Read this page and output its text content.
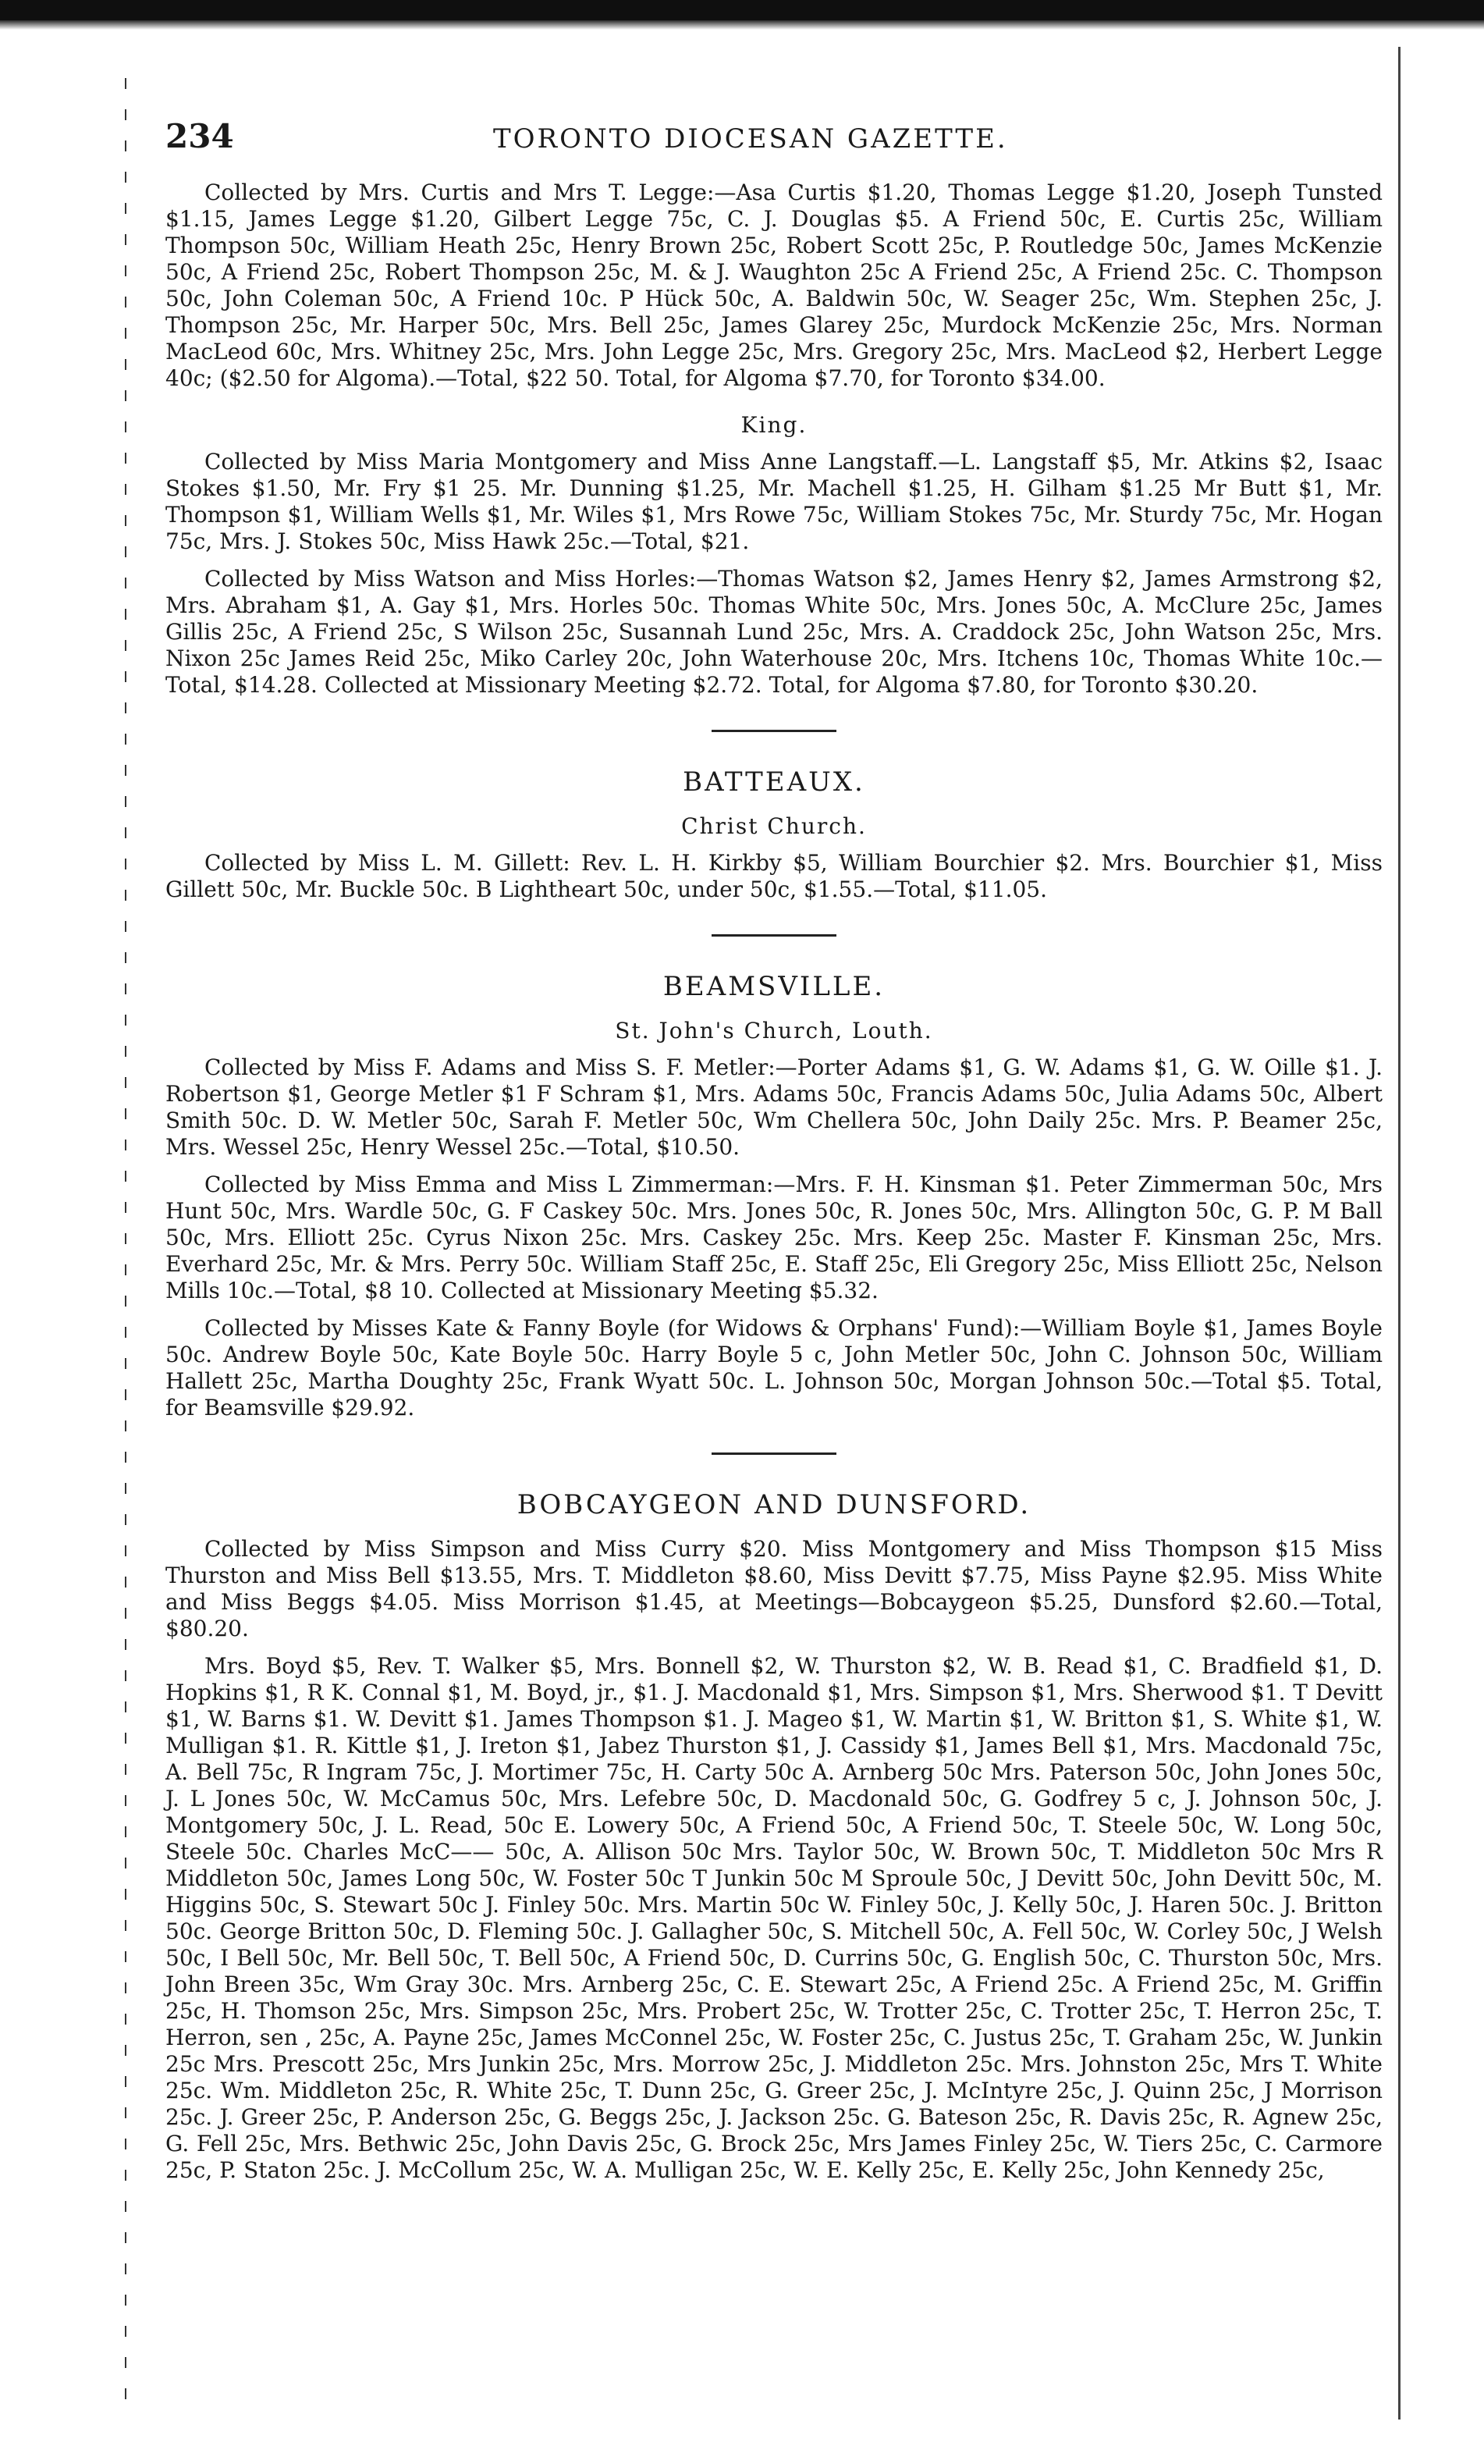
234	TORONTO DIOCESAN GAZETTE.

Collected by Mrs. Curtis and Mrs T. Legge:—Asa Curtis $1.20, Thomas Legge $1.20, Joseph Tunsted $1.15, James Legge $1.20, Gilbert Legge 75c, C. J. Douglas $5. A Friend 50c, E. Curtis 25c, William Thompson 50c, William Heath 25c, Henry Brown 25c, Robert Scott 25c, P. Routledge 50c, James McKenzie 50c, A Friend 25c, Robert Thompson 25c, M. & J. Waughton 25c A Friend 25c, A Friend 25c. C. Thompson 50c, John Coleman 50c, A Friend 10c. P Hück 50c, A. Baldwin 50c, W. Seager 25c, Wm. Stephen 25c, J. Thompson 25c, Mr. Harper 50c, Mrs. Bell 25c, James Glarey 25c, Murdock McKenzie 25c, Mrs. Norman MacLeod 60c, Mrs. Whitney 25c, Mrs. John Legge 25c, Mrs. Gregory 25c, Mrs. MacLeod $2, Herbert Legge 40c; ($2.50 for Algoma).—Total, $22 50. Total, for Algoma $7.70, for Toronto $34.00.

King.

Collected by Miss Maria Montgomery and Miss Anne Langstaff.—L. Langstaff $5, Mr. Atkins $2, Isaac Stokes $1.50, Mr. Fry $1 25. Mr. Dunning $1.25, Mr. Machell $1.25, H. Gilham $1.25 Mr Butt $1, Mr. Thompson $1, William Wells $1, Mr. Wiles $1, Mrs Rowe 75c, William Stokes 75c, Mr. Sturdy 75c, Mr. Hogan 75c, Mrs. J. Stokes 50c, Miss Hawk 25c.—Total, $21.

Collected by Miss Watson and Miss Horles:—Thomas Watson $2, James Henry $2, James Armstrong $2, Mrs. Abraham $1, A. Gay $1, Mrs. Horles 50c. Thomas White 50c, Mrs. Jones 50c, A. McClure 25c, James Gillis 25c, A Friend 25c, S Wilson 25c, Susannah Lund 25c, Mrs. A. Craddock 25c, John Watson 25c, Mrs. Nixon 25c James Reid 25c, Miko Carley 20c, John Waterhouse 20c, Mrs. Itchens 10c, Thomas White 10c.—Total, $14.28. Collected at Missionary Meeting $2.72. Total, for Algoma $7.80, for Toronto $30.20.

BATTEAUX.
Christ Church.

Collected by Miss L. M. Gillett: Rev. L. H. Kirkby $5, William Bourchier $2. Mrs. Bourchier $1, Miss Gillett 50c, Mr. Buckle 50c. B Lightheart 50c, under 50c, $1.55.—Total, $11.05.

BEAMSVILLE.
St. John's Church, Louth.

Collected by Miss F. Adams and Miss S. F. Metler:—Porter Adams $1, G. W. Adams $1, G. W. Oille $1. J. Robertson $1, George Metler $1 F Schram $1, Mrs. Adams 50c, Francis Adams 50c, Julia Adams 50c, Albert Smith 50c. D. W. Metler 50c, Sarah F. Metler 50c, Wm Chellera 50c, John Daily 25c. Mrs. P. Beamer 25c, Mrs. Wessel 25c, Henry Wessel 25c.—Total, $10.50.

Collected by Miss Emma and Miss L Zimmerman:—Mrs. F. H. Kinsman $1. Peter Zimmerman 50c, Mrs Hunt 50c, Mrs. Wardle 50c, G. F Caskey 50c. Mrs. Jones 50c, R. Jones 50c, Mrs. Allington 50c, G. P. M Ball 50c, Mrs. Elliott 25c. Cyrus Nixon 25c. Mrs. Caskey 25c. Mrs. Keep 25c. Master F. Kinsman 25c, Mrs. Everhard 25c, Mr. & Mrs. Perry 50c. William Staff 25c, E. Staff 25c, Eli Gregory 25c, Miss Elliott 25c, Nelson Mills 10c.—Total, $8 10. Collected at Missionary Meeting $5.32.

Collected by Misses Kate & Fanny Boyle (for Widows & Orphans' Fund):—William Boyle $1, James Boyle 50c. Andrew Boyle 50c, Kate Boyle 50c. Harry Boyle 5 c, John Metler 50c, John C. Johnson 50c, William Hallett 25c, Martha Doughty 25c, Frank Wyatt 50c. L. Johnson 50c, Morgan Johnson 50c.—Total $5. Total, for Beamsville $29.92.

BOBCAYGEON AND DUNSFORD.

Collected by Miss Simpson and Miss Curry $20. Miss Montgomery and Miss Thompson $15 Miss Thurston and Miss Bell $13.55, Mrs. T. Middleton $8.60, Miss Devitt $7.75, Miss Payne $2.95. Miss White and Miss Beggs $4.05. Miss Morrison $1.45, at Meetings—Bobcaygeon $5.25, Dunsford $2.60.—Total, $80.20.

Mrs. Boyd $5, Rev. T. Walker $5, Mrs. Bonnell $2, W. Thurston $2, W. B. Read $1, C. Bradfield $1, D. Hopkins $1, R K. Connal $1, M. Boyd, jr., $1. J. Macdonald $1, Mrs. Simpson $1, Mrs. Sherwood $1. T Devitt $1, W. Barns $1. W. Devitt $1. James Thompson $1. J. Mageo $1, W. Martin $1, W. Britton $1, S. White $1, W. Mulligan $1. R. Kittle $1, J. Ireton $1, Jabez Thurston $1, J. Cassidy $1, James Bell $1, Mrs. Macdonald 75c, A. Bell 75c, R Ingram 75c, J. Mortimer 75c, H. Carty 50c A. Arnberg 50c Mrs. Paterson 50c, John Jones 50c, J. L Jones 50c, W. McCamus 50c, Mrs. Lefebre 50c, D. Macdonald 50c, G. Godfrey 5 c, J. Johnson 50c, J. Montgomery 50c, J. L. Read, 50c E. Lowery 50c, A Friend 50c, A Friend 50c, T. Steele 50c, W. Long 50c, Steele 50c. Charles McC—— 50c, A. Allison 50c Mrs. Taylor 50c, W. Brown 50c, T. Middleton 50c Mrs R Middleton 50c, James Long 50c, W. Foster 50c T Junkin 50c M Sproule 50c, J Devitt 50c, John Devitt 50c, M. Higgins 50c, S. Stewart 50c J. Finley 50c. Mrs. Martin 50c W. Finley 50c, J. Kelly 50c, J. Haren 50c. J. Britton 50c. George Britton 50c, D. Fleming 50c. J. Gallagher 50c, S. Mitchell 50c, A. Fell 50c, W. Corley 50c, J Welsh 50c, I Bell 50c, Mr. Bell 50c, T. Bell 50c, A Friend 50c, D. Currins 50c, G. English 50c, C. Thurston 50c, Mrs. John Breen 35c, Wm Gray 30c. Mrs. Arnberg 25c, C. E. Stewart 25c, A Friend 25c. A Friend 25c, M. Griffin 25c, H. Thomson 25c, Mrs. Simpson 25c, Mrs. Probert 25c, W. Trotter 25c, C. Trotter 25c, T. Herron 25c, T. Herron, sen , 25c, A. Payne 25c, James McConnel 25c, W. Foster 25c, C. Justus 25c, T. Graham 25c, W. Junkin 25c Mrs. Prescott 25c, Mrs Junkin 25c, Mrs. Morrow 25c, J. Middleton 25c. Mrs. Johnston 25c, Mrs T. White 25c. Wm. Middleton 25c, R. White 25c, T. Dunn 25c, G. Greer 25c, J. McIntyre 25c, J. Quinn 25c, J Morrison 25c. J. Greer 25c, P. Anderson 25c, G. Beggs 25c, J. Jackson 25c. G. Bateson 25c, R. Davis 25c, R. Agnew 25c, G. Fell 25c, Mrs. Bethwic 25c, John Davis 25c, G. Brock 25c, Mrs James Finley 25c, W. Tiers 25c, C. Carmore 25c, P. Staton 25c. J. McCollum 25c, W. A. Mulligan 25c, W. E. Kelly 25c, E. Kelly 25c, John Kennedy 25c,
